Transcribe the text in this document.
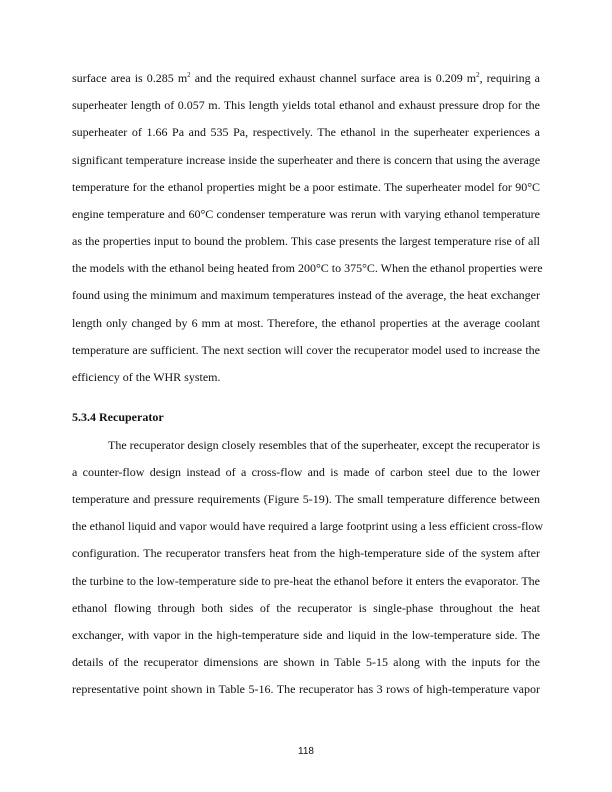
surface area is 0.285 $m^2$ and the required exhaust channel surface area is 0.209 $m^2$, requiring a
superheater length of 0.057 m. This length yields total ethanol and exhaust pressure drop for the
superheater of 1.66 Pa and 535 Pa, respectively. The ethanol in the superheater experiences a
significant temperature increase inside the superheater and there is concern that using the average
temperature for the ethanol properties might be a poor estimate. The superheater model for 90°C
engine temperature and 60°C condenser temperature was rerun with varying ethanol temperature
as the properties input to bound the problem. This case presents the largest temperature rise of all
the models with the ethanol being heated from 200°C to 375°C. When the ethanol properties were
found using the minimum and maximum temperatures instead of the average, the heat exchanger
length only changed by 6 mm at most. Therefore, the ethanol properties at the average coolant
temperature are sufficient. The next section will cover the recuperator model used to increase the
efficiency of the WHR system.
5.3.4 Recuperator
The recuperator design closely resembles that of the superheater, except the recuperator is
a counter-flow design instead of a cross-flow and is made of carbon steel due to the lower
temperature and pressure requirements (Figure 5-19). The small temperature difference between
the ethanol liquid and vapor would have required a large footprint using a less efficient cross-flow
configuration. The recuperator transfers heat from the high-temperature side of the system after
the turbine to the low-temperature side to pre-heat the ethanol before it enters the evaporator. The
ethanol flowing through both sides of the recuperator is single-phase throughout the heat
exchanger, with vapor in the high-temperature side and liquid in the low-temperature side. The
details of the recuperator dimensions are shown in Table 5-15 along with the inputs for the
representative point shown in Table 5-16. The recuperator has 3 rows of high-temperature vapor
118
